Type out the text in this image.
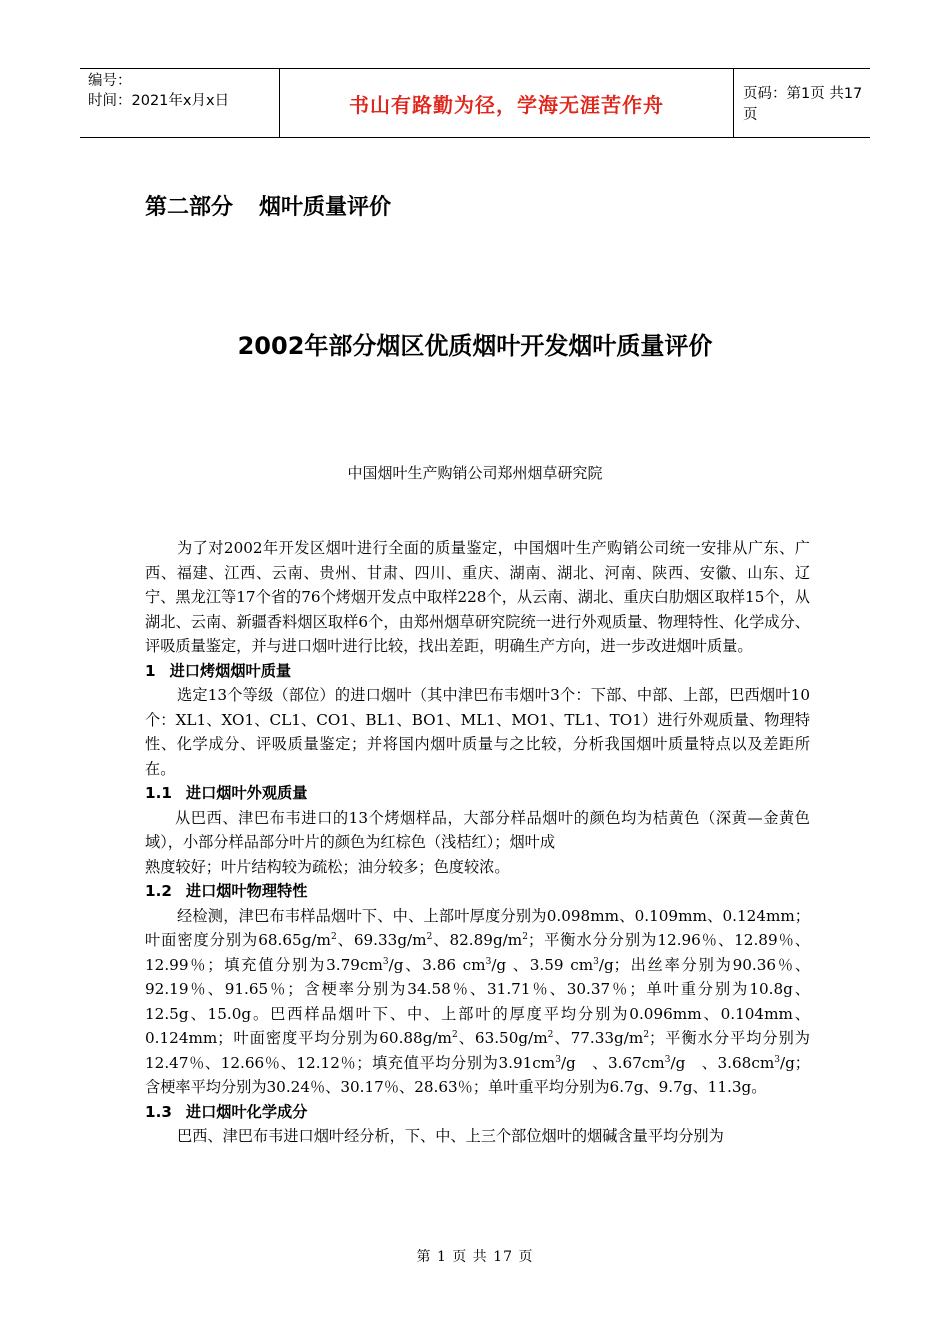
编号：
时间：2021年x月x日	书山有路勤为径，学海无涯苦作舟	页码：第1页 共17页
第二部分 烟叶质量评价
2002年部分烟区优质烟叶开发烟叶质量评价
中国烟叶生产购销公司郑州烟草研究院

为了对2002年开发区烟叶进行全面的质量鉴定，中国烟叶生产购销公司统一安排从广东、广西、福建、江西、云南、贵州、甘肃、四川、重庆、湖南、湖北、河南、陕西、安徽、山东、辽宁、黑龙江等17个省的76个烤烟开发点中取样228个，从云南、湖北、重庆白肋烟区取样15个，从湖北、云南、新疆香料烟区取样6个，由郑州烟草研究院统一进行外观质量、物理特性、化学成分、评吸质量鉴定，并与进口烟叶进行比较，找出差距，明确生产方向，进一步改进烟叶质量。

1 进口烤烟烟叶质量

选定13个等级（部位）的进口烟叶（其中津巴布韦烟叶3个：下部、中部、上部，巴西烟叶10个：XL1、XO1、CL1、CO1、BL1、BO1、ML1、MO1、TL1、TO1）进行外观质量、物理特性、化学成分、评吸质量鉴定；并将国内烟叶质量与之比较，分析我国烟叶质量特点以及差距所在。

1.1 进口烟叶外观质量

从巴西、津巴布韦进口的13个烤烟样品，大部分样品烟叶的颜色均为桔黄色（深黄—金黄色域），小部分样品部分叶片的颜色为红棕色（浅桔红）；烟叶成

熟度较好；叶片结构较为疏松；油分较多；色度较浓。

1.2 进口烟叶物理特性

经检测，津巴布韦样品烟叶下、中、上部叶厚度分别为0.098mm、0.109mm、0.124mm；叶面密度分别为$68.65g/m^2$、$69.33g/m^2$、$82.89g/m^2$；平衡水分分别为12.96％、12.89％、12.99％；填充值分别为$3.79cm^3/g$、3.86 $cm^3/g$ 、3.59 $cm^3/g$；出丝率分别为90.36％、92.19％、91.65％；含梗率分别为34.58％、31.71％、30.37％；单叶重分别为10.8g、12.5g、15.0g。巴西样品烟叶下、中、上部叶的厚度平均分别为0.096mm、0.104mm、0.124mm；叶面密度平均分别为$60.88g/m^2$、$63.50g/m^2$、$77.33g/m^2$；平衡水分平均分别为12.47％、12.66％、12.12％；填充值平均分别为$3.91cm^3/g$　、$3.67cm^3/g$　、$3.68cm^3/g$；含梗率平均分别为30.24％、30.17％、28.63％；单叶重平均分别为6.7g、9.7g、11.3g。

1.3 进口烟叶化学成分

巴西、津巴布韦进口烟叶经分析，下、中、上三个部位烟叶的烟碱含量平均分别为

第 1 页 共 17 页
